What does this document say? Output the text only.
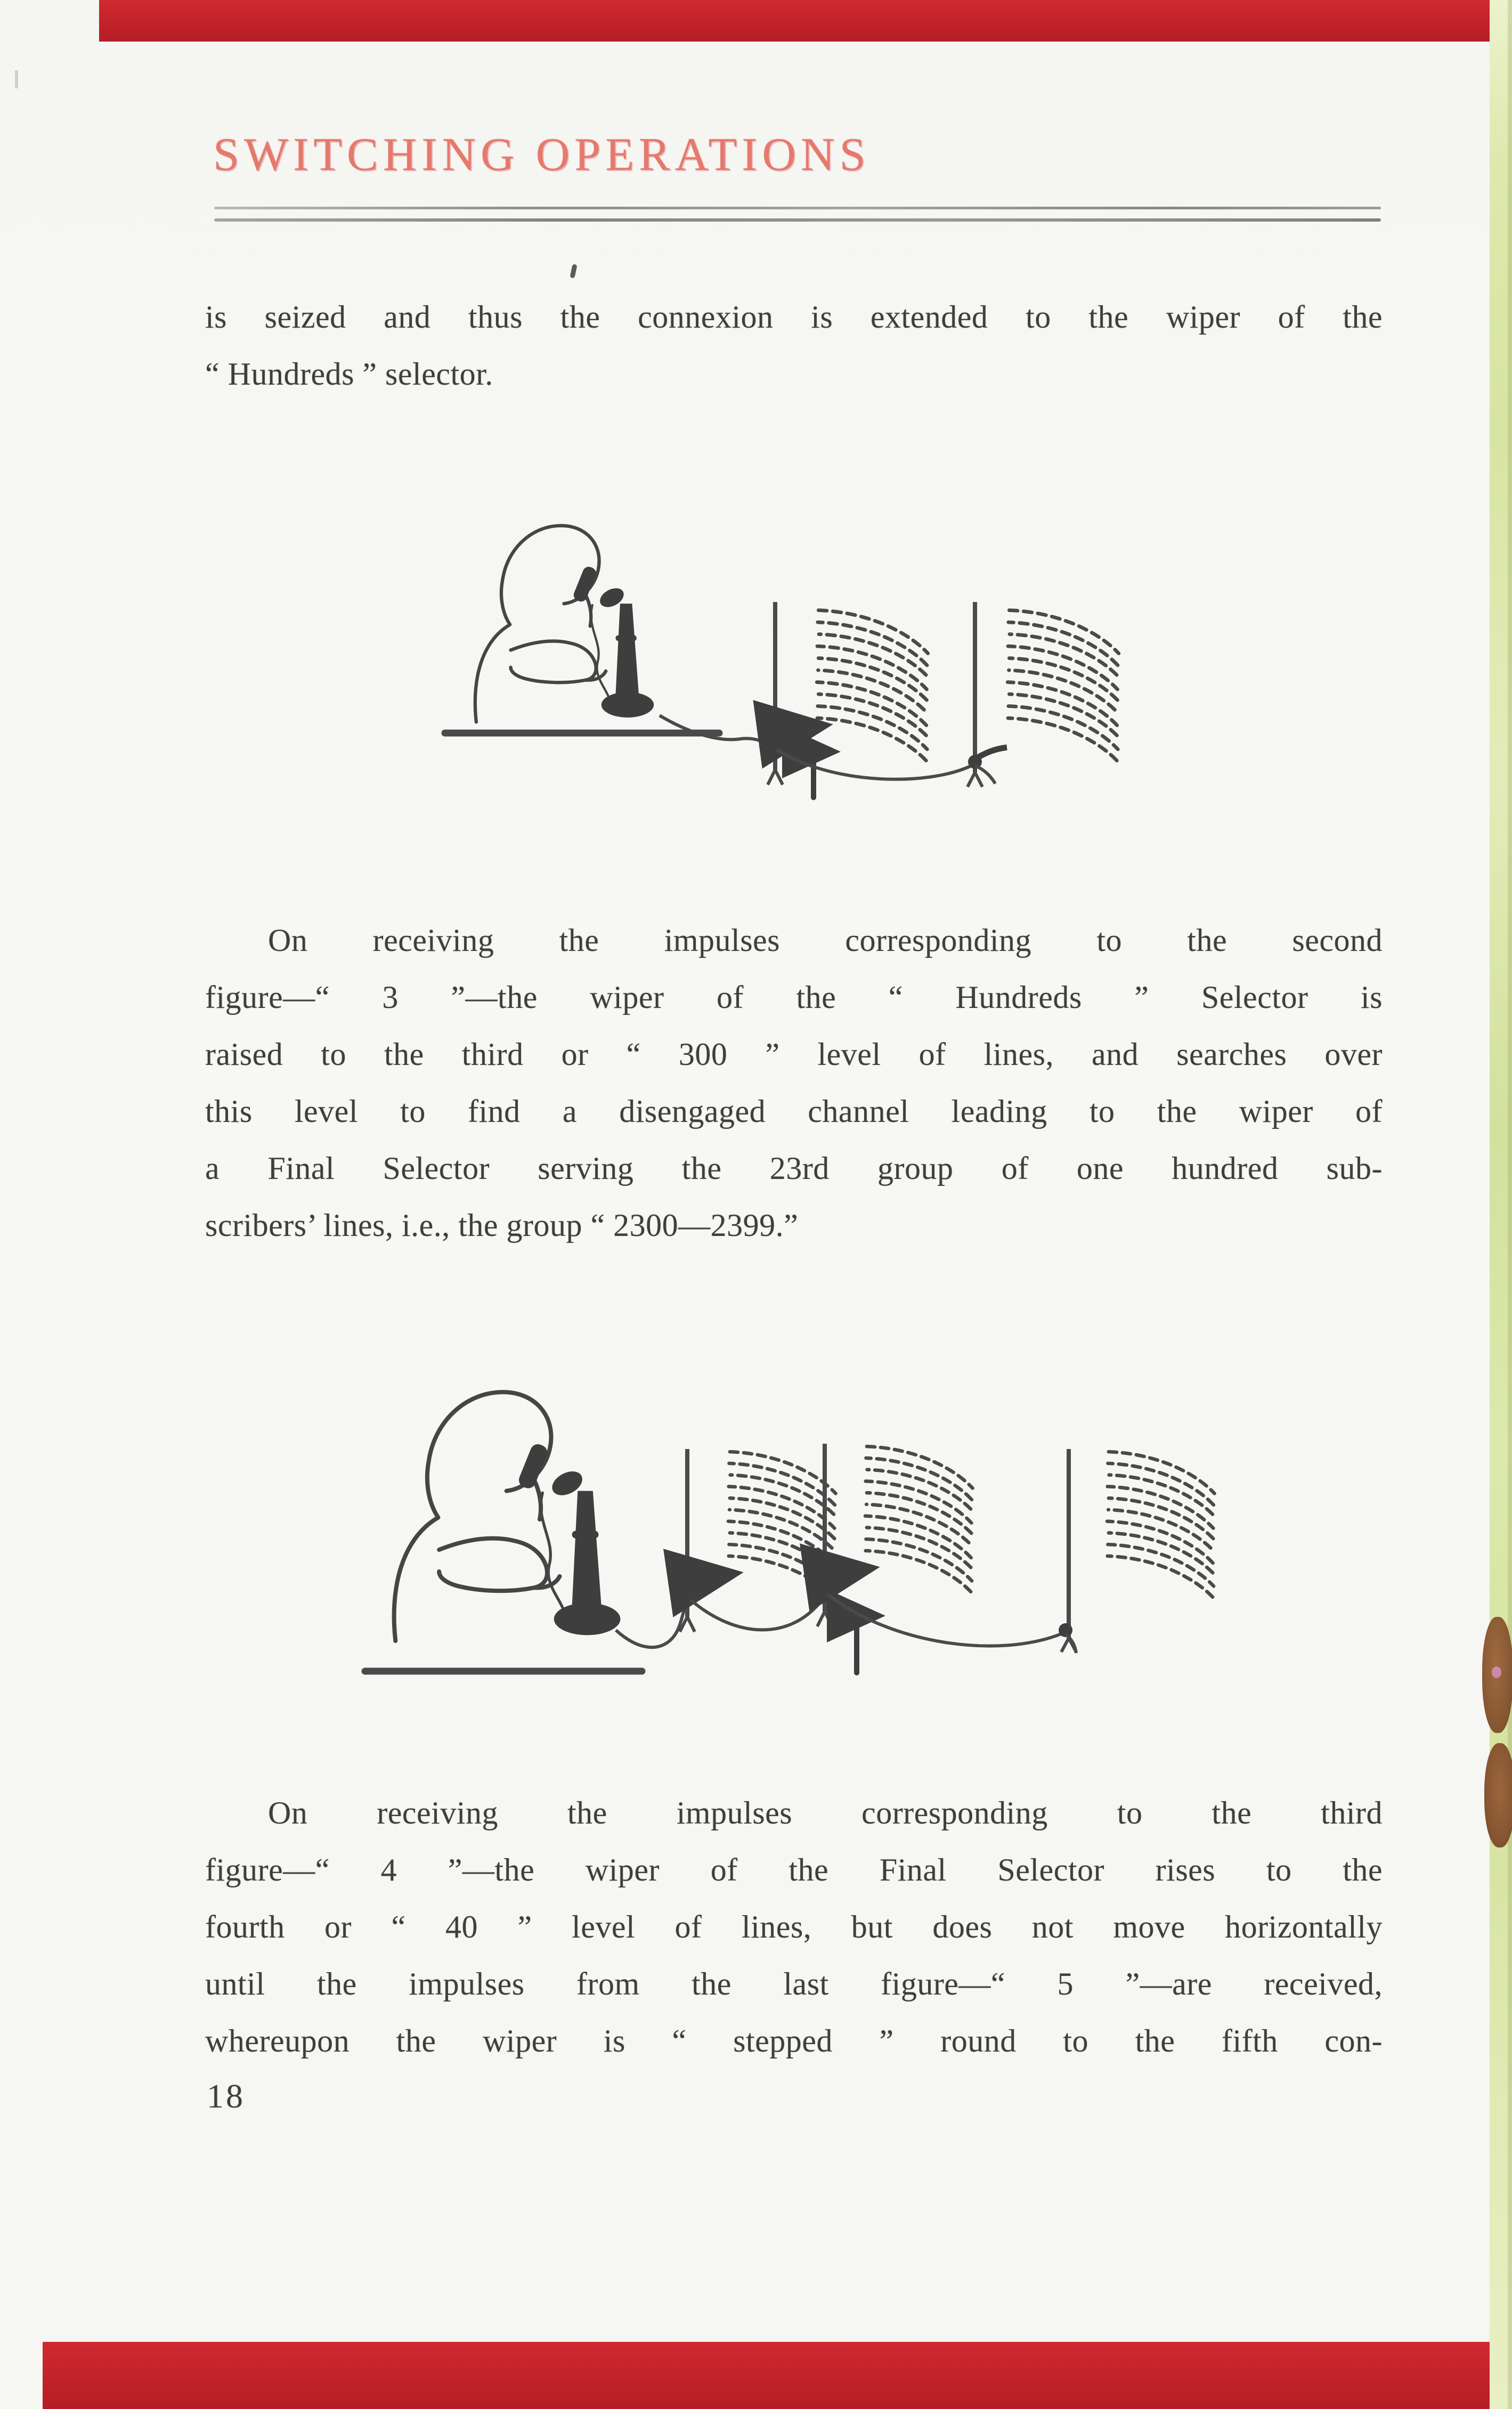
SWITCHING OPERATIONS
is seized and thus the connexion is extended to the wiper of the
“ Hundreds ” selector.
On receiving the impulses corresponding to the second
figure—“ 3 ”—the wiper of the “ Hundreds ” Selector is
raised to the third or “ 300 ” level of lines, and searches over
this level to find a disengaged channel leading to the wiper of
a Final Selector serving the 23rd group of one hundred sub-
scribers’ lines, i.e., the group “ 2300—2399.”
On receiving the impulses corresponding to the third
figure—“ 4 ”—the wiper of the Final Selector rises to the
fourth or “ 40 ” level of lines, but does not move horizontally
until the impulses from the last figure—“ 5 ”—are received,
whereupon the wiper is “ stepped ” round to the fifth con-
18
